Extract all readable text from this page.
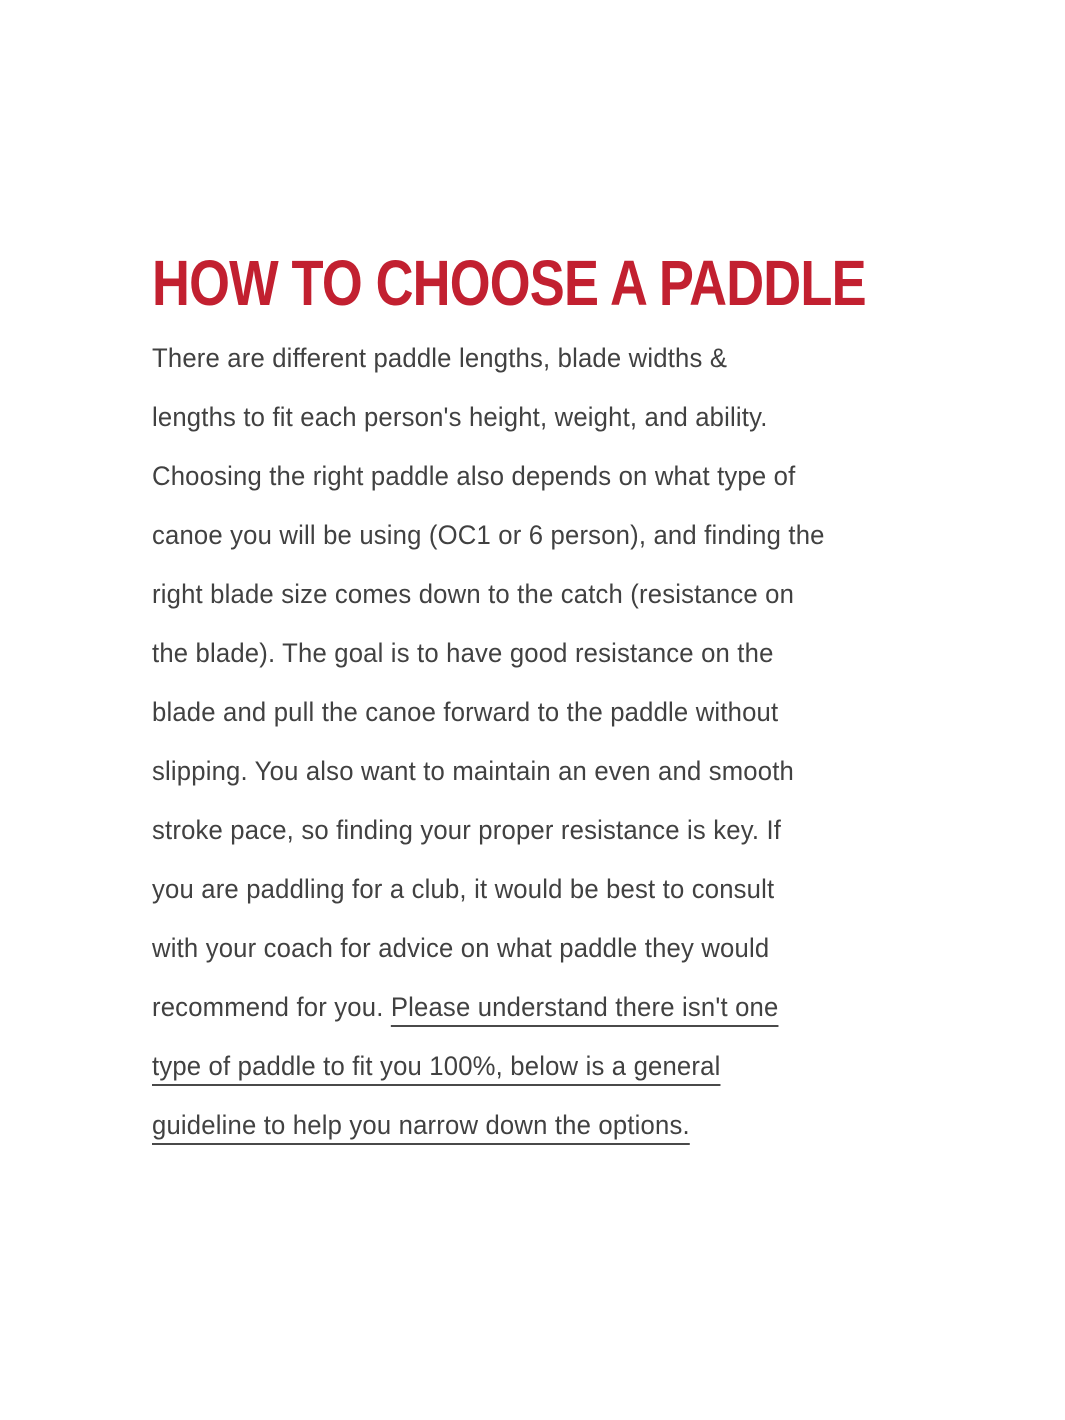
HOW TO CHOOSE A PADDLE
There are different paddle lengths, blade widths &
lengths to fit each person's height, weight, and ability.
Choosing the right paddle also depends on what type of
canoe you will be using (OC1 or 6 person), and finding the
right blade size comes down to the catch (resistance on
the blade). The goal is to have good resistance on the
blade and pull the canoe forward to the paddle without
slipping. You also want to maintain an even and smooth
stroke pace, so finding your proper resistance is key. If
you are paddling for a club, it would be best to consult
with your coach for advice on what paddle they would
recommend for you. Please understand there isn't one
type of paddle to fit you 100%, below is a general
guideline to help you narrow down the options.
